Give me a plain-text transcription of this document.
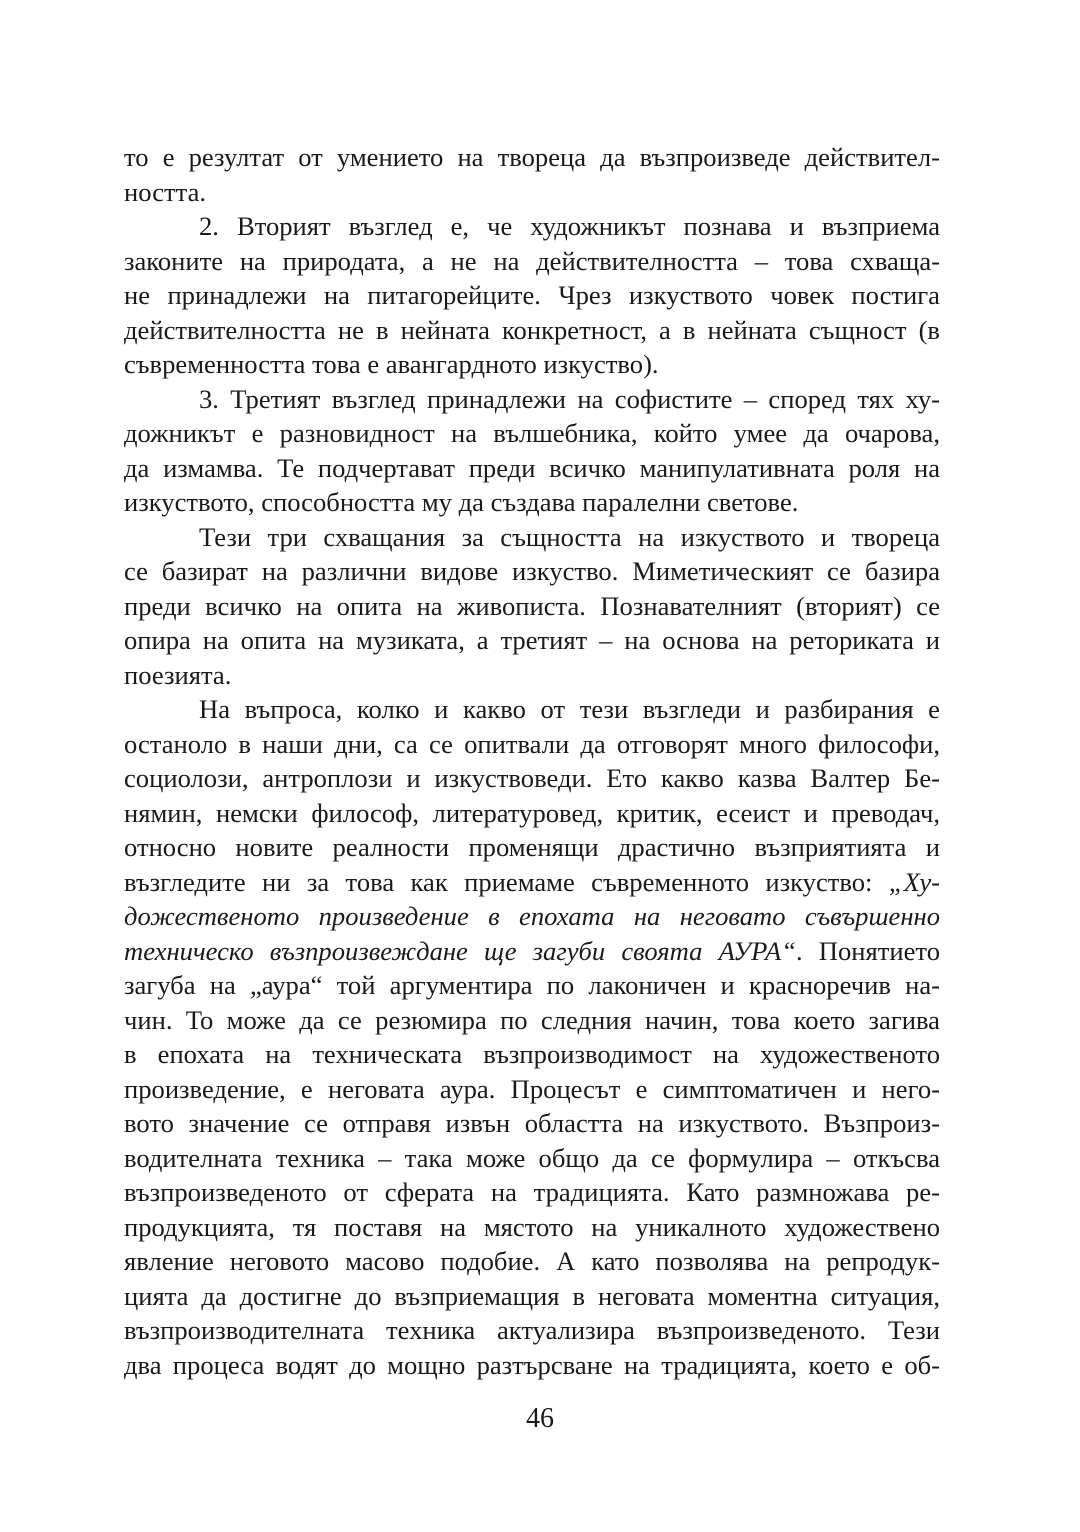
то е резултат от умението на твореца да възпроизведе действител-
ността.
2. Вторият възглед е, че художникът познава и възприема
законите на природата, а не на действителността – това схваща-
не принадлежи на питагорейците. Чрез изкуството човек постига
действителността не в нейната конкретност, а в нейната същност (в
съвременността това е авангардното изкуство).
3. Третият възглед принадлежи на софистите – според тях ху-
дожникът е разновидност на вълшебника, който умее да очарова,
да измамва. Те подчертават преди всичко манипулативната роля на
изкуството, способността му да създава паралелни светове.
Тези три схващания за същността на изкуството и твореца
се базират на различни видове изкуство. Миметическият се базира
преди всичко на опита на живописта. Познавателният (вторият) се
опира на опита на музиката, а третият – на основа на реториката и
поезията.
На въпроса, колко и какво от тези възгледи и разбирания е
останоло в наши дни, са се опитвали да отговорят много философи,
социолози, антроплози и изкуствоведи. Ето какво казва Валтер Бе-
нямин, немски философ, литературовед, критик, есеист и преводач,
относно новите реалности променящи драстично възприятията и
възгледите ни за това как приемаме съвременното изкуство: „Ху-
дожественото произведение в епохата на неговато съвършенно
техническо възпроизвеждане ще загуби своята АУРА“. Понятието
загуба на „аура“ той аргументира по лаконичен и красноречив на-
чин. То може да се резюмира по следния начин, това което загива
в епохата на техническата възпроизводимост на художественото
произведение, е неговата аура. Процесът е симптоматичен и него-
вото значение се отправя извън областта на изкуството. Възпроиз-
водителната техника – така може общо да се формулира – откъсва
възпроизведеното от сферата на традицията. Като размножава ре-
продукцията, тя поставя на мястото на уникалното художествено
явление неговото масово подобие. А като позволява на репродук-
цията да достигне до възприемащия в неговата моментна ситуация,
възпроизводителната техника актуализира възпроизведеното. Тези
два процеса водят до мощно разтърсване на традицията, което е об-
46
